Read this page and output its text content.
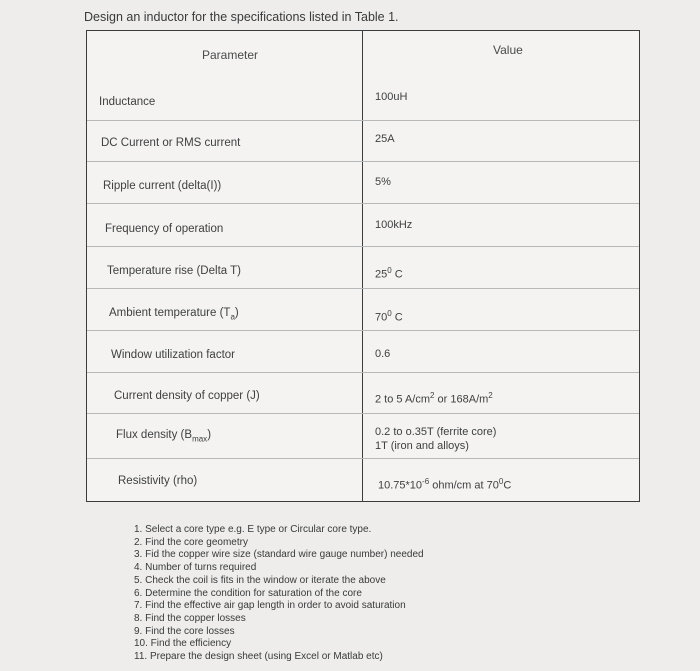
Design an inductor for the specifications listed in Table 1.
Parameter	Value
Inductance	100uH
DC Current or RMS current	25A
Ripple current (delta(I))	5%
Frequency of operation	100kHz
Temperature rise (Delta T)	$25^0$ C
Ambient temperature $(T_a)$	$70^0$ C
Window utilization factor	0.6
Current density of copper (J)	2 to 5 $A/cm^2$ or $168A/m^2$
Flux density $(B_{max})$	0.2 to o.35T (ferrite core)
1T (iron and alloys)
Resistivity (rho)	$10.75*10^{-6}$ ohm/cm at $70^0C$
1. Select a core type e.g. E type or Circular core type.
2. Find the core geometry
3. Fid the copper wire size (standard wire gauge number) needed
4. Number of turns required
5. Check the coil is fits in the window or iterate the above
6. Determine the condition for saturation of the core
7. Find the effective air gap length in order to avoid saturation
8. Find the copper losses
9. Find the core losses
10. Find the efficiency
11. Prepare the design sheet (using Excel or Matlab etc)
